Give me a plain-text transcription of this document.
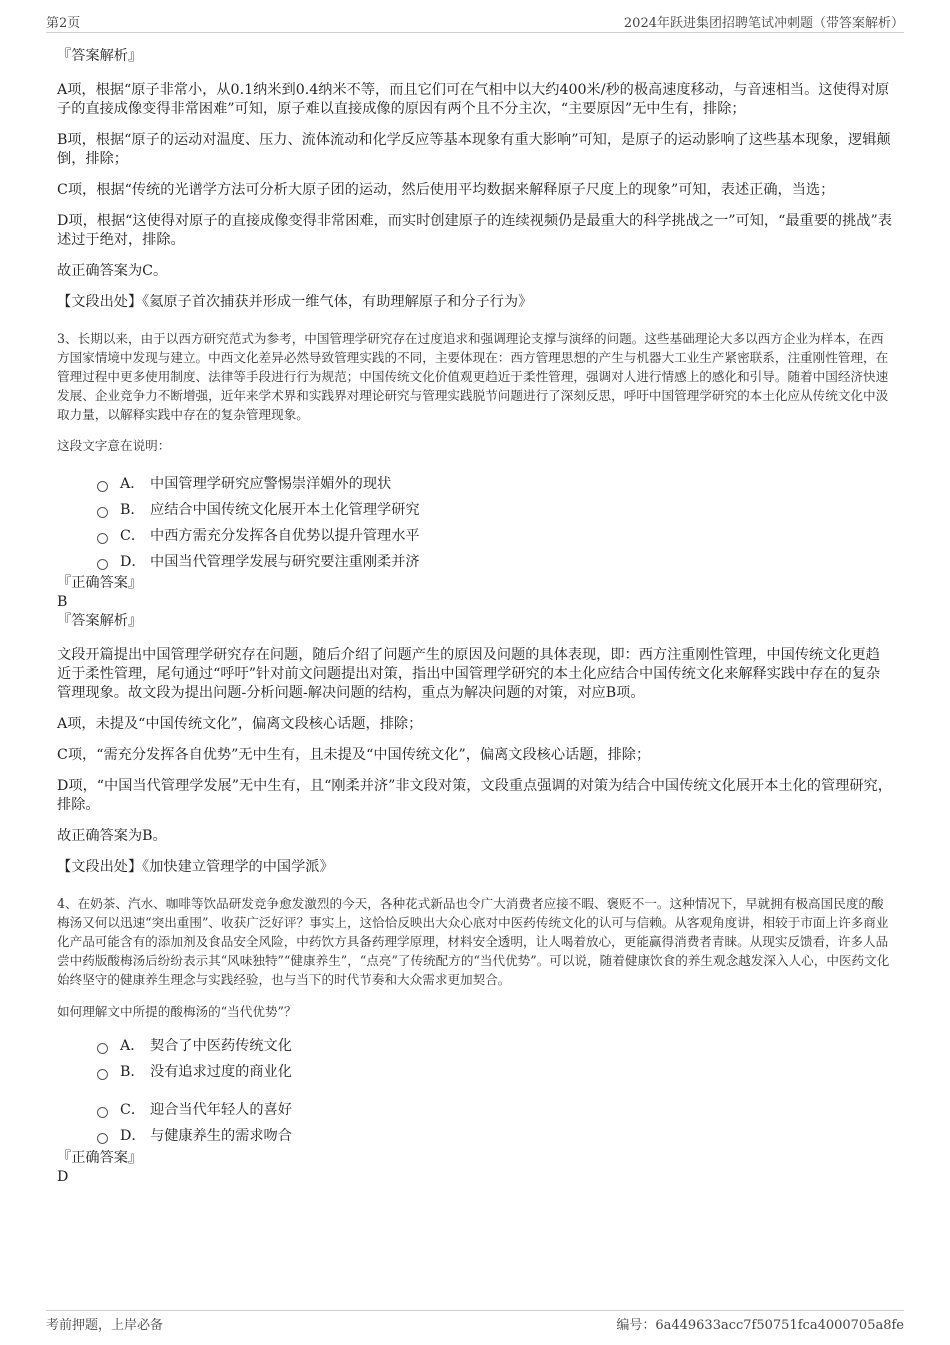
第2页	2024年跃进集团招聘笔试冲刺题（带答案解析）

『答案解析』

A项，根据“原子非常小，从0.1纳米到0.4纳米不等，而且它们可在气相中以大约400米/秒的极高速度移动，与音速相当。这使得对原子的直接成像变得非常困难”可知，原子难以直接成像的原因有两个且不分主次，“主要原因”无中生有，排除；

B项，根据“原子的运动对温度、压力、流体流动和化学反应等基本现象有重大影响”可知，是原子的运动影响了这些基本现象，逻辑颠倒，排除；

C项，根据“传统的光谱学方法可分析大原子团的运动，然后使用平均数据来解释原子尺度上的现象”可知，表述正确，当选；

D项，根据“这使得对原子的直接成像变得非常困难，而实时创建原子的连续视频仍是最重大的科学挑战之一”可知，“最重要的挑战”表述过于绝对，排除。

故正确答案为C。

【文段出处】《氦原子首次捕获并形成一维气体，有助理解原子和分子行为》

3、长期以来，由于以西方研究范式为参考，中国管理学研究存在过度追求和强调理论支撑与演绎的问题。这些基础理论大多以西方企业为样本，在西方国家情境中发现与建立。中西文化差异必然导致管理实践的不同，主要体现在：西方管理思想的产生与机器大工业生产紧密联系，注重刚性管理，在管理过程中更多使用制度、法律等手段进行行为规范；中国传统文化价值观更趋近于柔性管理，强调对人进行情感上的感化和引导。随着中国经济快速发展、企业竞争力不断增强，近年来学术界和实践界对理论研究与管理实践脱节问题进行了深刻反思，呼吁中国管理学研究的本土化应从传统文化中汲取力量，以解释实践中存在的复杂管理现象。

这段文字意在说明：

A． 中国管理学研究应警惕崇洋媚外的现状
B． 应结合中国传统文化展开本土化管理学研究
C． 中西方需充分发挥各自优势以提升管理水平
D． 中国当代管理学发展与研究要注重刚柔并济

『正确答案』

B

『答案解析』

文段开篇提出中国管理学研究存在问题，随后介绍了问题产生的原因及问题的具体表现，即：西方注重刚性管理，中国传统文化更趋近于柔性管理，尾句通过“呼吁”针对前文问题提出对策，指出中国管理学研究的本土化应结合中国传统文化来解释实践中存在的复杂管理现象。故文段为提出问题-分析问题-解决问题的结构，重点为解决问题的对策，对应B项。

A项，未提及“中国传统文化”，偏离文段核心话题，排除；

C项，“需充分发挥各自优势”无中生有，且未提及“中国传统文化”，偏离文段核心话题，排除；

D项，“中国当代管理学发展”无中生有，且“刚柔并济”非文段对策，文段重点强调的对策为结合中国传统文化展开本土化的管理研究，排除。

故正确答案为B。

【文段出处】《加快建立管理学的中国学派》

4、在奶茶、汽水、咖啡等饮品研发竞争愈发激烈的今天，各种花式新品也令广大消费者应接不暇、褒贬不一。这种情况下，早就拥有极高国民度的酸梅汤又何以迅速“突出重围”、收获广泛好评？事实上，这恰恰反映出大众心底对中医药传统文化的认可与信赖。从客观角度讲，相较于市面上许多商业化产品可能含有的添加剂及食品安全风险，中药饮方具备药理学原理，材料安全透明，让人喝着放心，更能赢得消费者青睐。从现实反馈看，许多人品尝中药版酸梅汤后纷纷表示其“风味独特”“健康养生”，“点亮”了传统配方的“当代优势”。可以说，随着健康饮食的养生观念越发深入人心，中医药文化始终坚守的健康养生理念与实践经验，也与当下的时代节奏和大众需求更加契合。

如何理解文中所提的酸梅汤的“当代优势”？

A． 契合了中医药传统文化
B． 没有追求过度的商业化
C． 迎合当代年轻人的喜好
D． 与健康养生的需求吻合

『正确答案』

D

考前押题，上岸必备	编号：6a449633acc7f50751fca4000705a8fe
